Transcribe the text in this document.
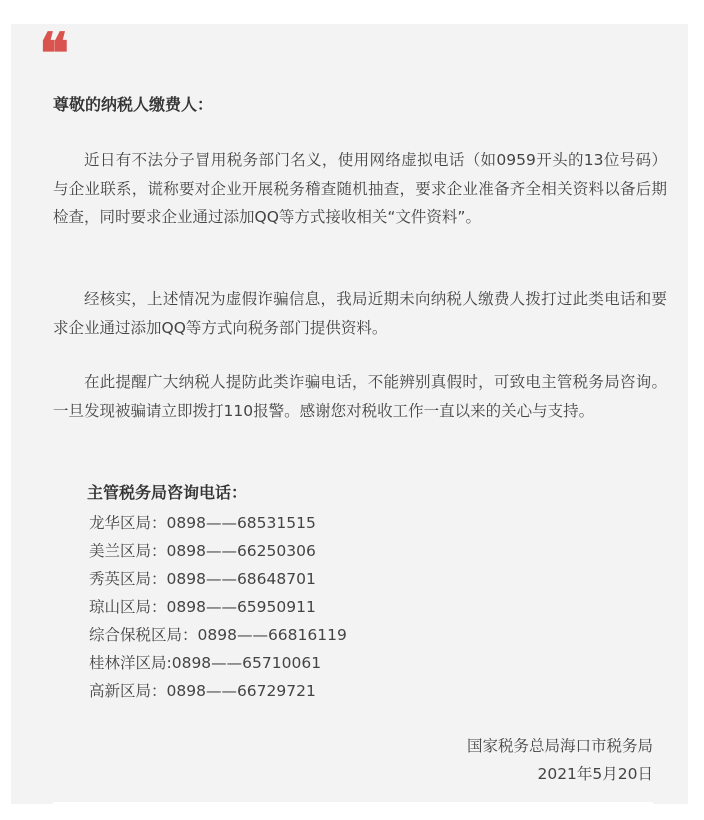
❝
尊敬的纳税人缴费人：
近日有不法分子冒用税务部门名义，使用网络虚拟电话（如0959开头的13位号码）与企业联系，谎称要对企业开展税务稽查随机抽查，要求企业准备齐全相关资料以备后期检查，同时要求企业通过添加QQ等方式接收相关“文件资料”。
经核实，上述情况为虚假诈骗信息，我局近期未向纳税人缴费人拨打过此类电话和要求企业通过添加QQ等方式向税务部门提供资料。
在此提醒广大纳税人提防此类诈骗电话，不能辨别真假时，可致电主管税务局咨询。一旦发现被骗请立即拨打110报警。感谢您对税收工作一直以来的关心与支持。
主管税务局咨询电话：
龙华区局：0898——68531515
美兰区局：0898——66250306
秀英区局：0898——68648701
琼山区局：0898——65950911
综合保税区局：0898——66816119
桂林洋区局:0898——65710061
高新区局：0898——66729721
国家税务总局海口市税务局
2021年5月20日
